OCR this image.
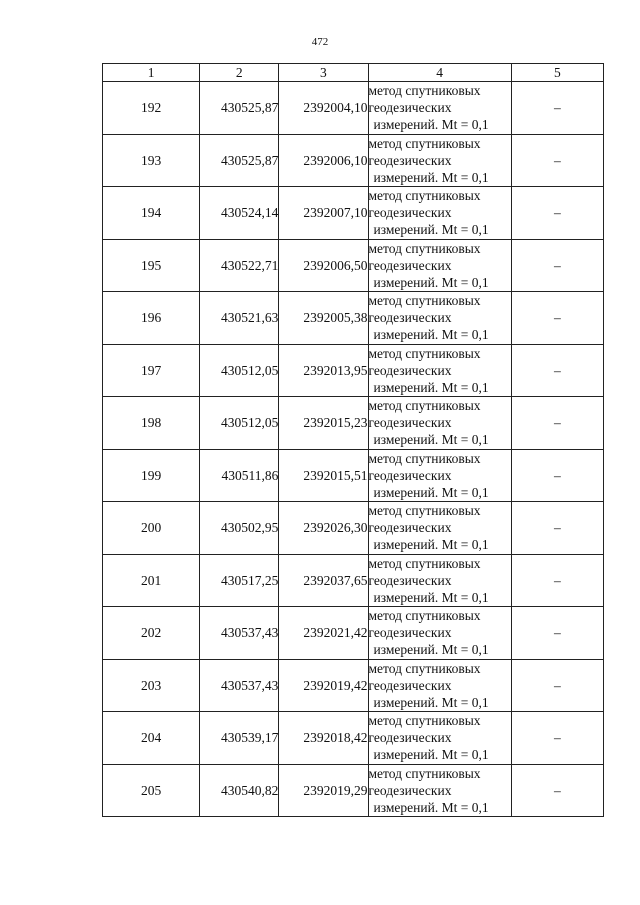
472
1	2	3	4	5
192	430525,87	2392004,10	метод спутниковых
геодезических
измерений. Mt = 0,1	–
193	430525,87	2392006,10	метод спутниковых
геодезических
измерений. Mt = 0,1	–
194	430524,14	2392007,10	метод спутниковых
геодезических
измерений. Mt = 0,1	–
195	430522,71	2392006,50	метод спутниковых
геодезических
измерений. Mt = 0,1	–
196	430521,63	2392005,38	метод спутниковых
геодезических
измерений. Mt = 0,1	–
197	430512,05	2392013,95	метод спутниковых
геодезических
измерений. Mt = 0,1	–
198	430512,05	2392015,23	метод спутниковых
геодезических
измерений. Mt = 0,1	–
199	430511,86	2392015,51	метод спутниковых
геодезических
измерений. Mt = 0,1	–
200	430502,95	2392026,30	метод спутниковых
геодезических
измерений. Mt = 0,1	–
201	430517,25	2392037,65	метод спутниковых
геодезических
измерений. Mt = 0,1	–
202	430537,43	2392021,42	метод спутниковых
геодезических
измерений. Mt = 0,1	–
203	430537,43	2392019,42	метод спутниковых
геодезических
измерений. Mt = 0,1	–
204	430539,17	2392018,42	метод спутниковых
геодезических
измерений. Mt = 0,1	–
205	430540,82	2392019,29	метод спутниковых
геодезических
измерений. Mt = 0,1	–
